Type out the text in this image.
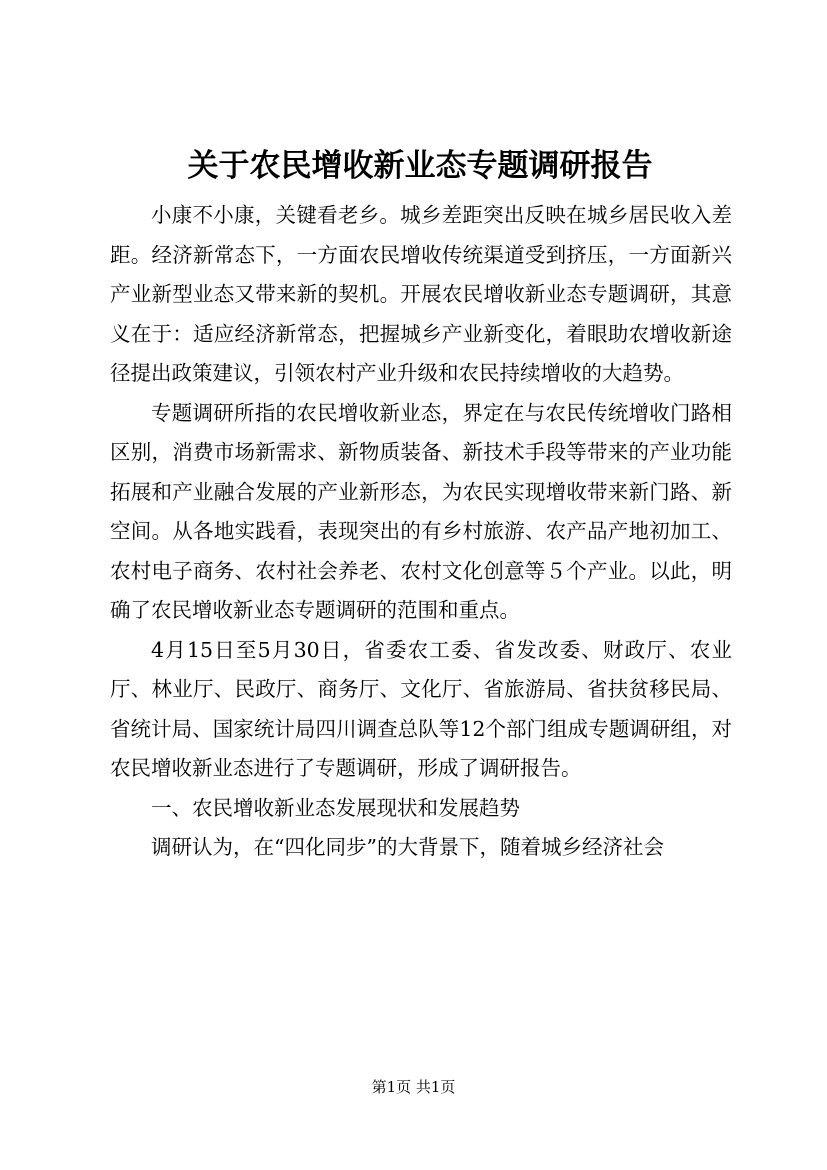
关于农民增收新业态专题调研报告

小康不小康，关键看老乡。城乡差距突出反映在城乡居民收入差距。经济新常态下，一方面农民增收传统渠道受到挤压，一方面新兴产业新型业态又带来新的契机。开展农民增收新业态专题调研，其意义在于：适应经济新常态，把握城乡产业新变化，着眼助农增收新途径提出政策建议，引领农村产业升级和农民持续增收的大趋势。

专题调研所指的农民增收新业态，界定在与农民传统增收门路相区别，消费市场新需求、新物质装备、新技术手段等带来的产业功能拓展和产业融合发展的产业新形态，为农民实现增收带来新门路、新空间。从各地实践看，表现突出的有乡村旅游、农产品产地初加工、农村电子商务、农村社会养老、农村文化创意等５个产业。以此，明确了农民增收新业态专题调研的范围和重点。

4月15日至5月30日，省委农工委、省发改委、财政厅、农业厅、林业厅、民政厅、商务厅、文化厅、省旅游局、省扶贫移民局、省统计局、国家统计局四川调查总队等12个部门组成专题调研组，对农民增收新业态进行了专题调研，形成了调研报告。

一、农民增收新业态发展现状和发展趋势

调研认为，在“四化同步”的大背景下，随着城乡经济社会

第1页 共1页
